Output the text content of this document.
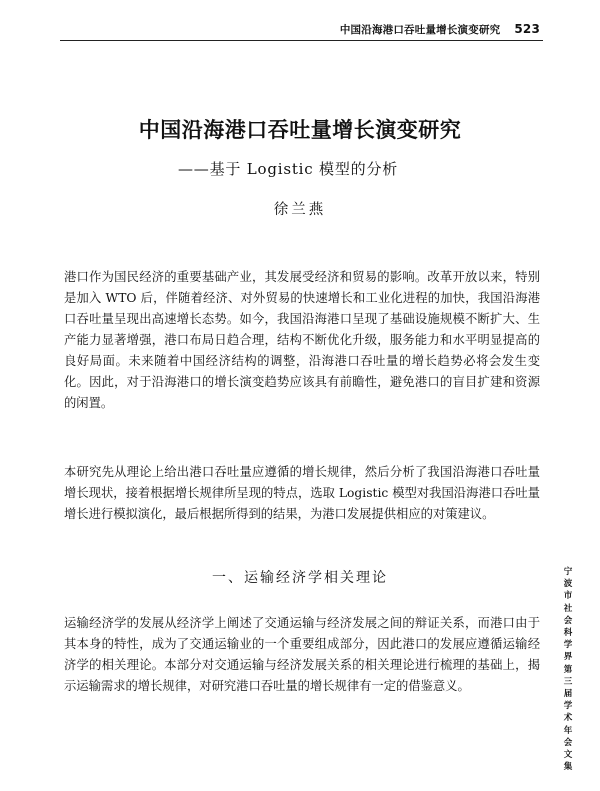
中国沿海港口吞吐量增长演变研究 523
中国沿海港口吞吐量增长演变研究
——基于 Logistic 模型的分析
徐兰燕

港口作为国民经济的重要基础产业，其发展受经济和贸易的影响。改革开放以来，特别是加入 WTO 后，伴随着经济、对外贸易的快速增长和工业化进程的加快，我国沿海港口吞吐量呈现出高速增长态势。如今，我国沿海港口呈现了基础设施规模不断扩大、生产能力显著增强，港口布局日趋合理，结构不断优化升级，服务能力和水平明显提高的良好局面。未来随着中国经济结构的调整，沿海港口吞吐量的增长趋势必将会发生变化。因此，对于沿海港口的增长演变趋势应该具有前瞻性，避免港口的盲目扩建和资源的闲置。

本研究先从理论上给出港口吞吐量应遵循的增长规律，然后分析了我国沿海港口吞吐量增长现状，接着根据增长规律所呈现的特点，选取 Logistic 模型对我国沿海港口吞吐量增长进行模拟演化，最后根据所得到的结果，为港口发展提供相应的对策建议。

一、运输经济学相关理论

运输经济学的发展从经济学上阐述了交通运输与经济发展之间的辩证关系，而港口由于其本身的特性，成为了交通运输业的一个重要组成部分，因此港口的发展应遵循运输经济学的相关理论。本部分对交通运输与经济发展关系的相关理论进行梳理的基础上，揭示运输需求的增长规律，对研究港口吞吐量的增长规律有一定的借鉴意义。

宁波市社会科学界第三届学术年会文集
